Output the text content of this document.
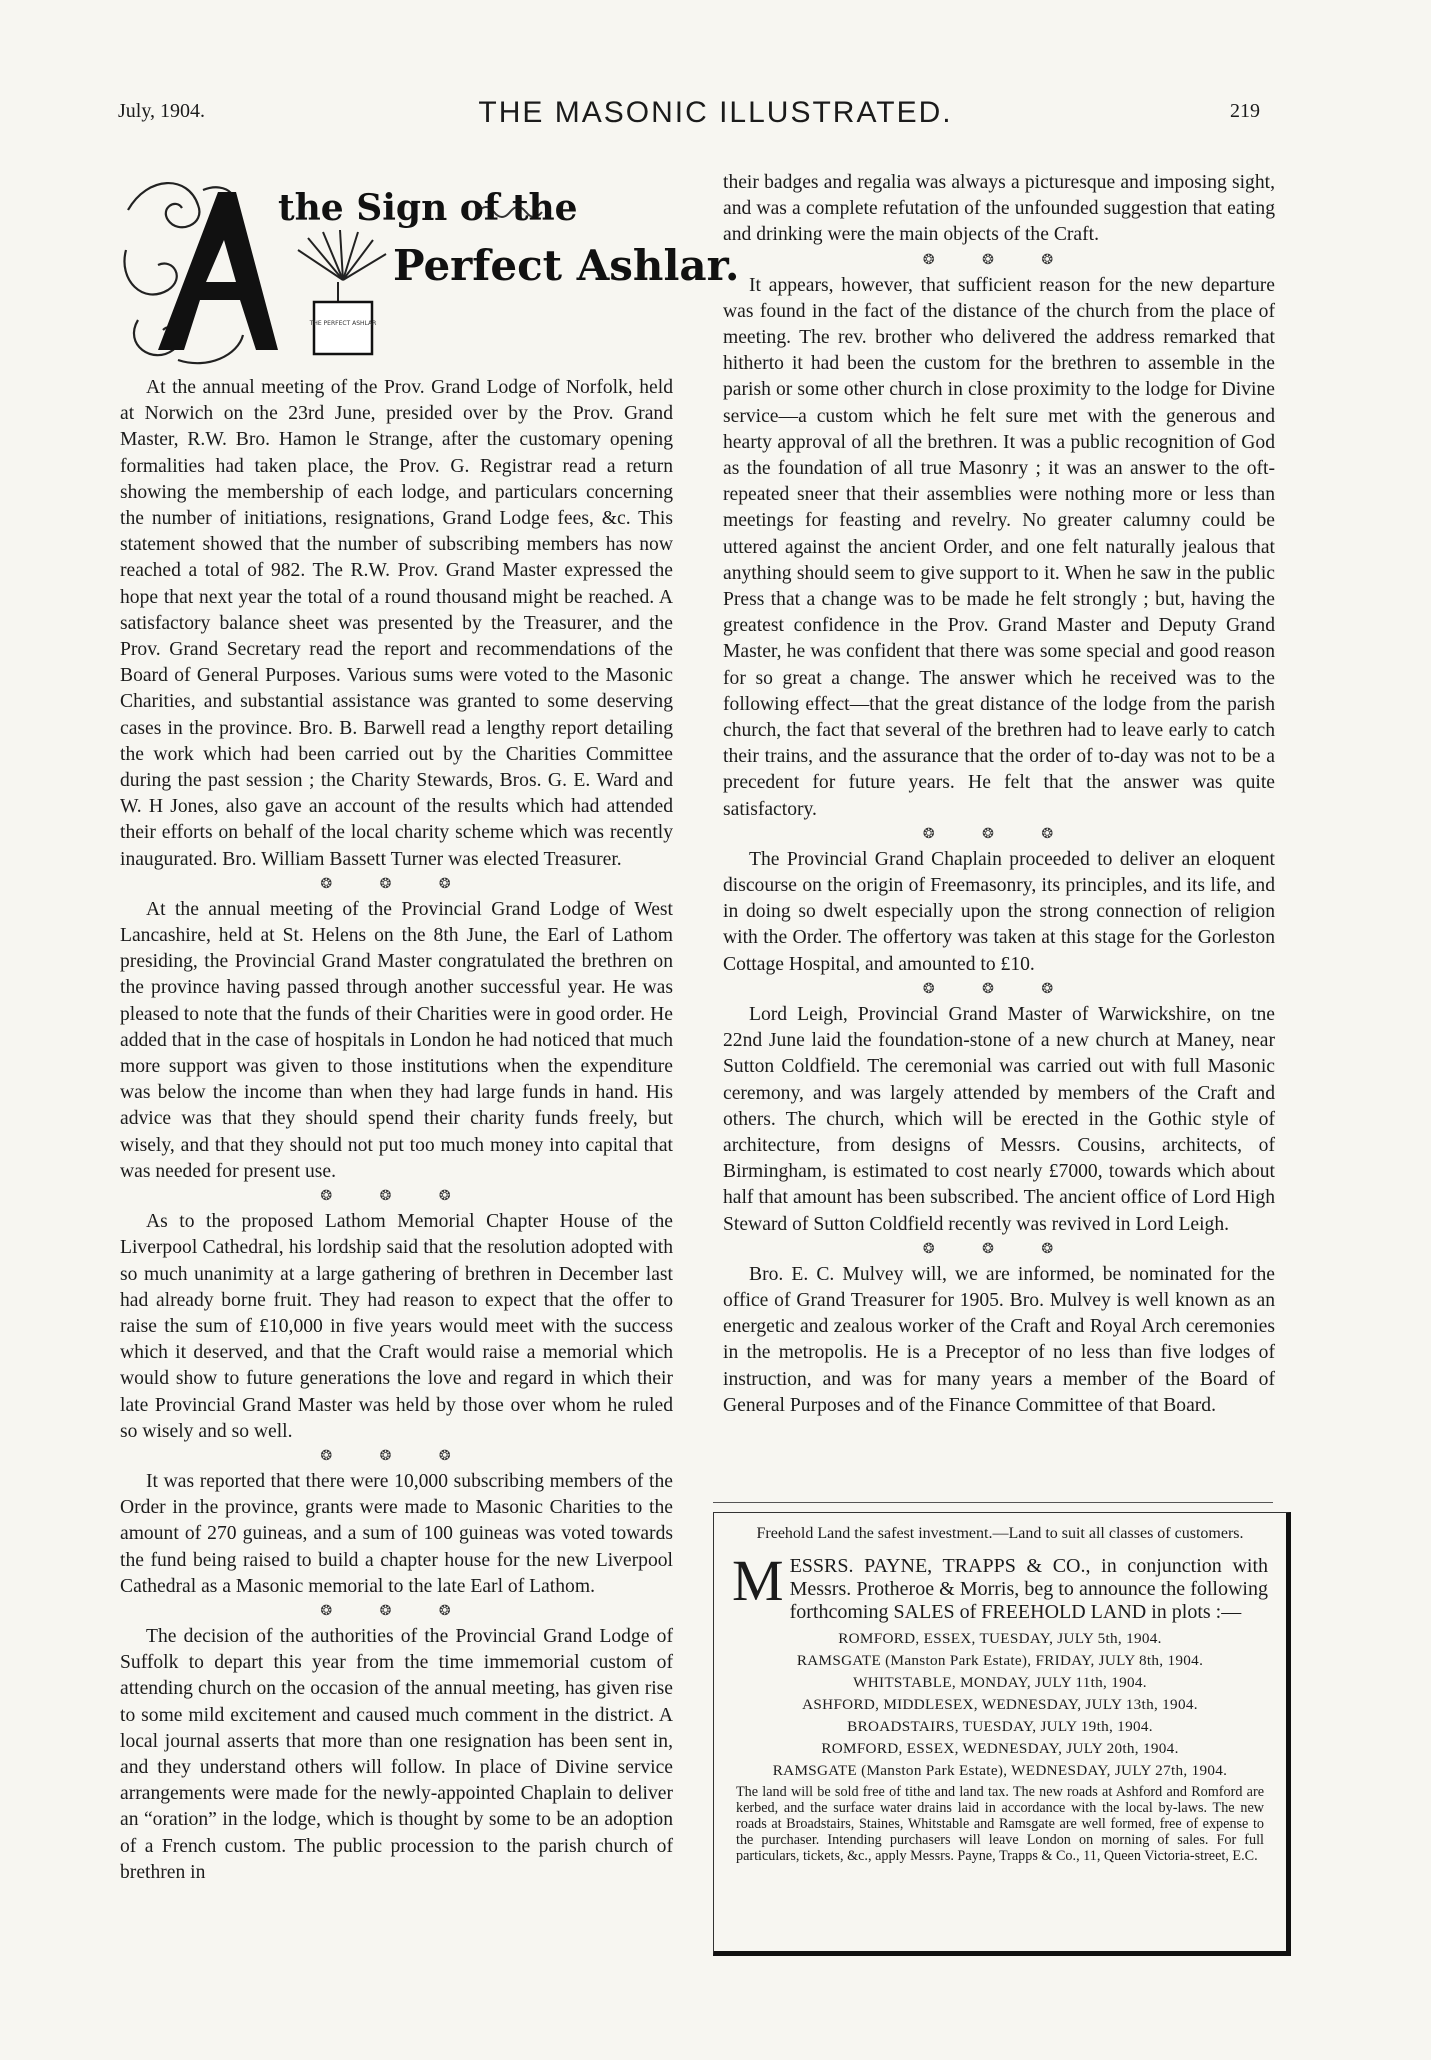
July, 1904.	THE MASONIC ILLUSTRATED.	219
the Sign of the
Perfect Ashlar.
THE PERFECT ASHLAR

At the annual meeting of the Prov. Grand Lodge of Norfolk, held at Norwich on the 23rd June, presided over by the Prov. Grand Master, R.W. Bro. Hamon le Strange, after the customary opening formalities had taken place, the Prov. G. Registrar read a return showing the membership of each lodge, and particulars concerning the number of initiations, resignations, Grand Lodge fees, &c. This statement showed that the number of subscribing members has now reached a total of 982. The R.W. Prov. Grand Master expressed the hope that next year the total of a round thousand might be reached. A satisfactory balance sheet was presented by the Treasurer, and the Prov. Grand Secretary read the report and recommendations of the Board of General Purposes. Various sums were voted to the Masonic Charities, and substantial assistance was granted to some deserving cases in the province. Bro. B. Barwell read a lengthy report detailing the work which had been carried out by the Charities Committee during the past session ; the Charity Stewards, Bros. G. E. Ward and W. H Jones, also gave an account of the results which had attended their efforts on behalf of the local charity scheme which was recently inaugurated. Bro. William Bassett Turner was elected Treasurer.

❂ ❂ ❂

At the annual meeting of the Provincial Grand Lodge of West Lancashire, held at St. Helens on the 8th June, the Earl of Lathom presiding, the Provincial Grand Master congratulated the brethren on the province having passed through another successful year. He was pleased to note that the funds of their Charities were in good order. He added that in the case of hospitals in London he had noticed that much more support was given to those institutions when the expenditure was below the income than when they had large funds in hand. His advice was that they should spend their charity funds freely, but wisely, and that they should not put too much money into capital that was needed for present use.

❂ ❂ ❂

As to the proposed Lathom Memorial Chapter House of the Liverpool Cathedral, his lordship said that the resolution adopted with so much unanimity at a large gathering of brethren in December last had already borne fruit. They had reason to expect that the offer to raise the sum of £10,000 in five years would meet with the success which it deserved, and that the Craft would raise a memorial which would show to future generations the love and regard in which their late Provincial Grand Master was held by those over whom he ruled so wisely and so well.

❂ ❂ ❂

It was reported that there were 10,000 subscribing members of the Order in the province, grants were made to Masonic Charities to the amount of 270 guineas, and a sum of 100 guineas was voted towards the fund being raised to build a chapter house for the new Liverpool Cathedral as a Masonic memorial to the late Earl of Lathom.

❂ ❂ ❂

The decision of the authorities of the Provincial Grand Lodge of Suffolk to depart this year from the time immemorial custom of attending church on the occasion of the annual meeting, has given rise to some mild excitement and caused much comment in the district. A local journal asserts that more than one resignation has been sent in, and they understand others will follow. In place of Divine service arrangements were made for the newly-appointed Chaplain to deliver an “oration” in the lodge, which is thought by some to be an adoption of a French custom. The public procession to the parish church of brethren in

their badges and regalia was always a picturesque and imposing sight, and was a complete refutation of the unfounded suggestion that eating and drinking were the main objects of the Craft.

❂ ❂ ❂

It appears, however, that sufficient reason for the new departure was found in the fact of the distance of the church from the place of meeting. The rev. brother who delivered the address remarked that hitherto it had been the custom for the brethren to assemble in the parish or some other church in close proximity to the lodge for Divine service—a custom which he felt sure met with the generous and hearty approval of all the brethren. It was a public recognition of God as the foundation of all true Masonry ; it was an answer to the oft-repeated sneer that their assemblies were nothing more or less than meetings for feasting and revelry. No greater calumny could be uttered against the ancient Order, and one felt naturally jealous that anything should seem to give support to it. When he saw in the public Press that a change was to be made he felt strongly ; but, having the greatest confidence in the Prov. Grand Master and Deputy Grand Master, he was confident that there was some special and good reason for so great a change. The answer which he received was to the following effect—that the great distance of the lodge from the parish church, the fact that several of the brethren had to leave early to catch their trains, and the assurance that the order of to-day was not to be a precedent for future years. He felt that the answer was quite satisfactory.

❂ ❂ ❂

The Provincial Grand Chaplain proceeded to deliver an eloquent discourse on the origin of Freemasonry, its principles, and its life, and in doing so dwelt especially upon the strong connection of religion with the Order. The offertory was taken at this stage for the Gorleston Cottage Hospital, and amounted to £10.

❂ ❂ ❂

Lord Leigh, Provincial Grand Master of Warwickshire, on tne 22nd June laid the foundation-stone of a new church at Maney, near Sutton Coldfield. The ceremonial was carried out with full Masonic ceremony, and was largely attended by members of the Craft and others. The church, which will be erected in the Gothic style of architecture, from designs of Messrs. Cousins, architects, of Birmingham, is estimated to cost nearly £7000, towards which about half that amount has been subscribed. The ancient office of Lord High Steward of Sutton Coldfield recently was revived in Lord Leigh.

❂ ❂ ❂

Bro. E. C. Mulvey will, we are informed, be nominated for the office of Grand Treasurer for 1905. Bro. Mulvey is well known as an energetic and zealous worker of the Craft and Royal Arch ceremonies in the metropolis. He is a Preceptor of no less than five lodges of instruction, and was for many years a member of the Board of General Purposes and of the Finance Committee of that Board.

Freehold Land the safest investment.—Land to suit all classes of customers.
MESSRS. PAYNE, TRAPPS & CO., in conjunction with Messrs. Protheroe & Morris, beg to announce the following forthcoming SALES of FREEHOLD LAND in plots :—
ROMFORD, ESSEX, TUESDAY, JULY 5th, 1904.
RAMSGATE (Manston Park Estate), FRIDAY, JULY 8th, 1904.
WHITSTABLE, MONDAY, JULY 11th, 1904.
ASHFORD, MIDDLESEX, WEDNESDAY, JULY 13th, 1904.
BROADSTAIRS, TUESDAY, JULY 19th, 1904.
ROMFORD, ESSEX, WEDNESDAY, JULY 20th, 1904.
RAMSGATE (Manston Park Estate), WEDNESDAY, JULY 27th, 1904.
The land will be sold free of tithe and land tax. The new roads at Ashford and Romford are kerbed, and the surface water drains laid in accordance with the local by-laws. The new roads at Broadstairs, Staines, Whitstable and Ramsgate are well formed, free of expense to the purchaser. Intending purchasers will leave London on morning of sales. For full particulars, tickets, &c., apply Messrs. Payne, Trapps & Co., 11, Queen Victoria-street, E.C.
